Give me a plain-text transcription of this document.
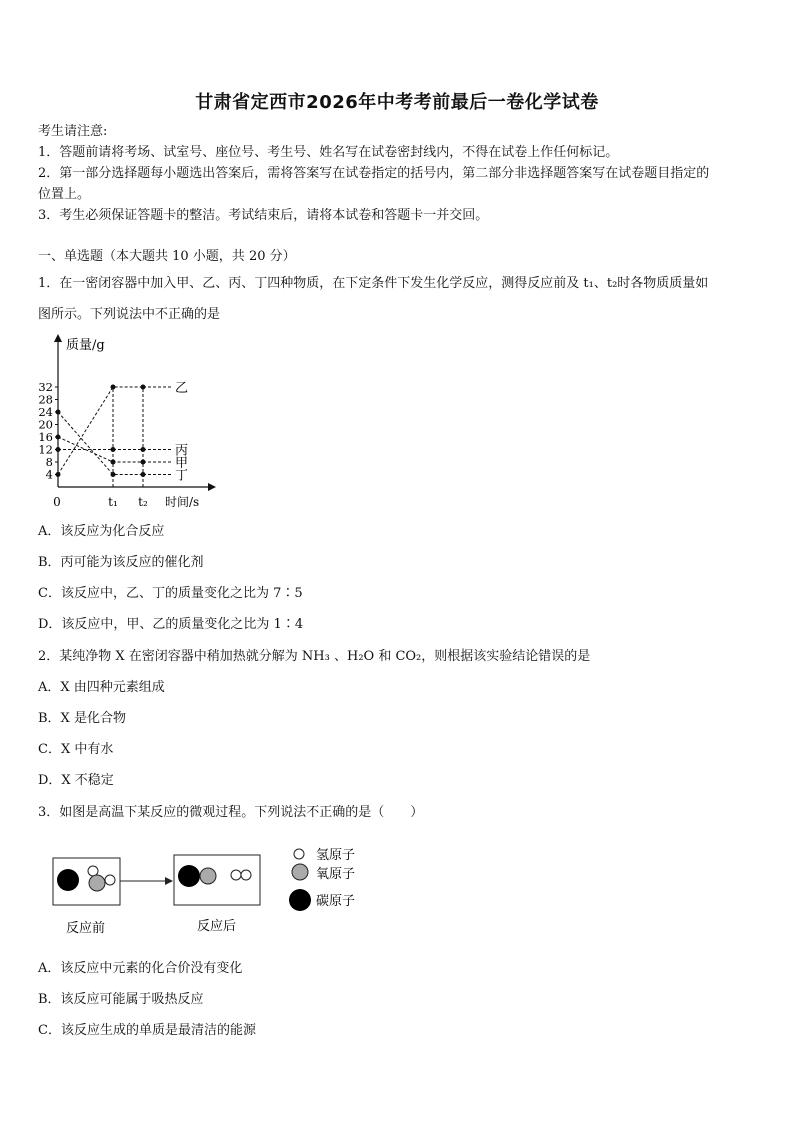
甘肃省定西市2026年中考考前最后一卷化学试卷
考生请注意:
1．答题前请将考场、试室号、座位号、考生号、姓名写在试卷密封线内，不得在试卷上作任何标记。
2．第一部分选择题每小题选出答案后，需将答案写在试卷指定的括号内，第二部分非选择题答案写在试卷题目指定的
位置上。
3．考生必须保证答题卡的整洁。考试结束后，请将本试卷和答题卡一并交回。
一、单选题（本大题共 10 小题，共 20 分）
1．在一密闭容器中加入甲、乙、丙、丁四种物质，在下定条件下发生化学反应，测得反应前及 t₁、t₂时各物质质量如
图所示。下列说法中不正确的是
质量/g
时间/s
4
8
12
16
20
24
28
32
0	t₁ t₂
乙
丙
甲
丁
A．该反应为化合反应
B．丙可能为该反应的催化剂
C．该反应中，乙、丁的质量变化之比为 7∶5
D．该反应中，甲、乙的质量变化之比为 1∶4
2．某纯净物 X 在密闭容器中稍加热就分解为 NH₃ 、H₂O 和 CO₂，则根据该实验结论错误的是
A．X 由四种元素组成
B．X 是化合物
C．X 中有水
D．X 不稳定
3．如图是高温下某反应的微观过程。下列说法不正确的是（　　）
反应前	反应后
氢原子
氧原子
碳原子
A．该反应中元素的化合价没有变化
B．该反应可能属于吸热反应
C．该反应生成的单质是最清洁的能源
